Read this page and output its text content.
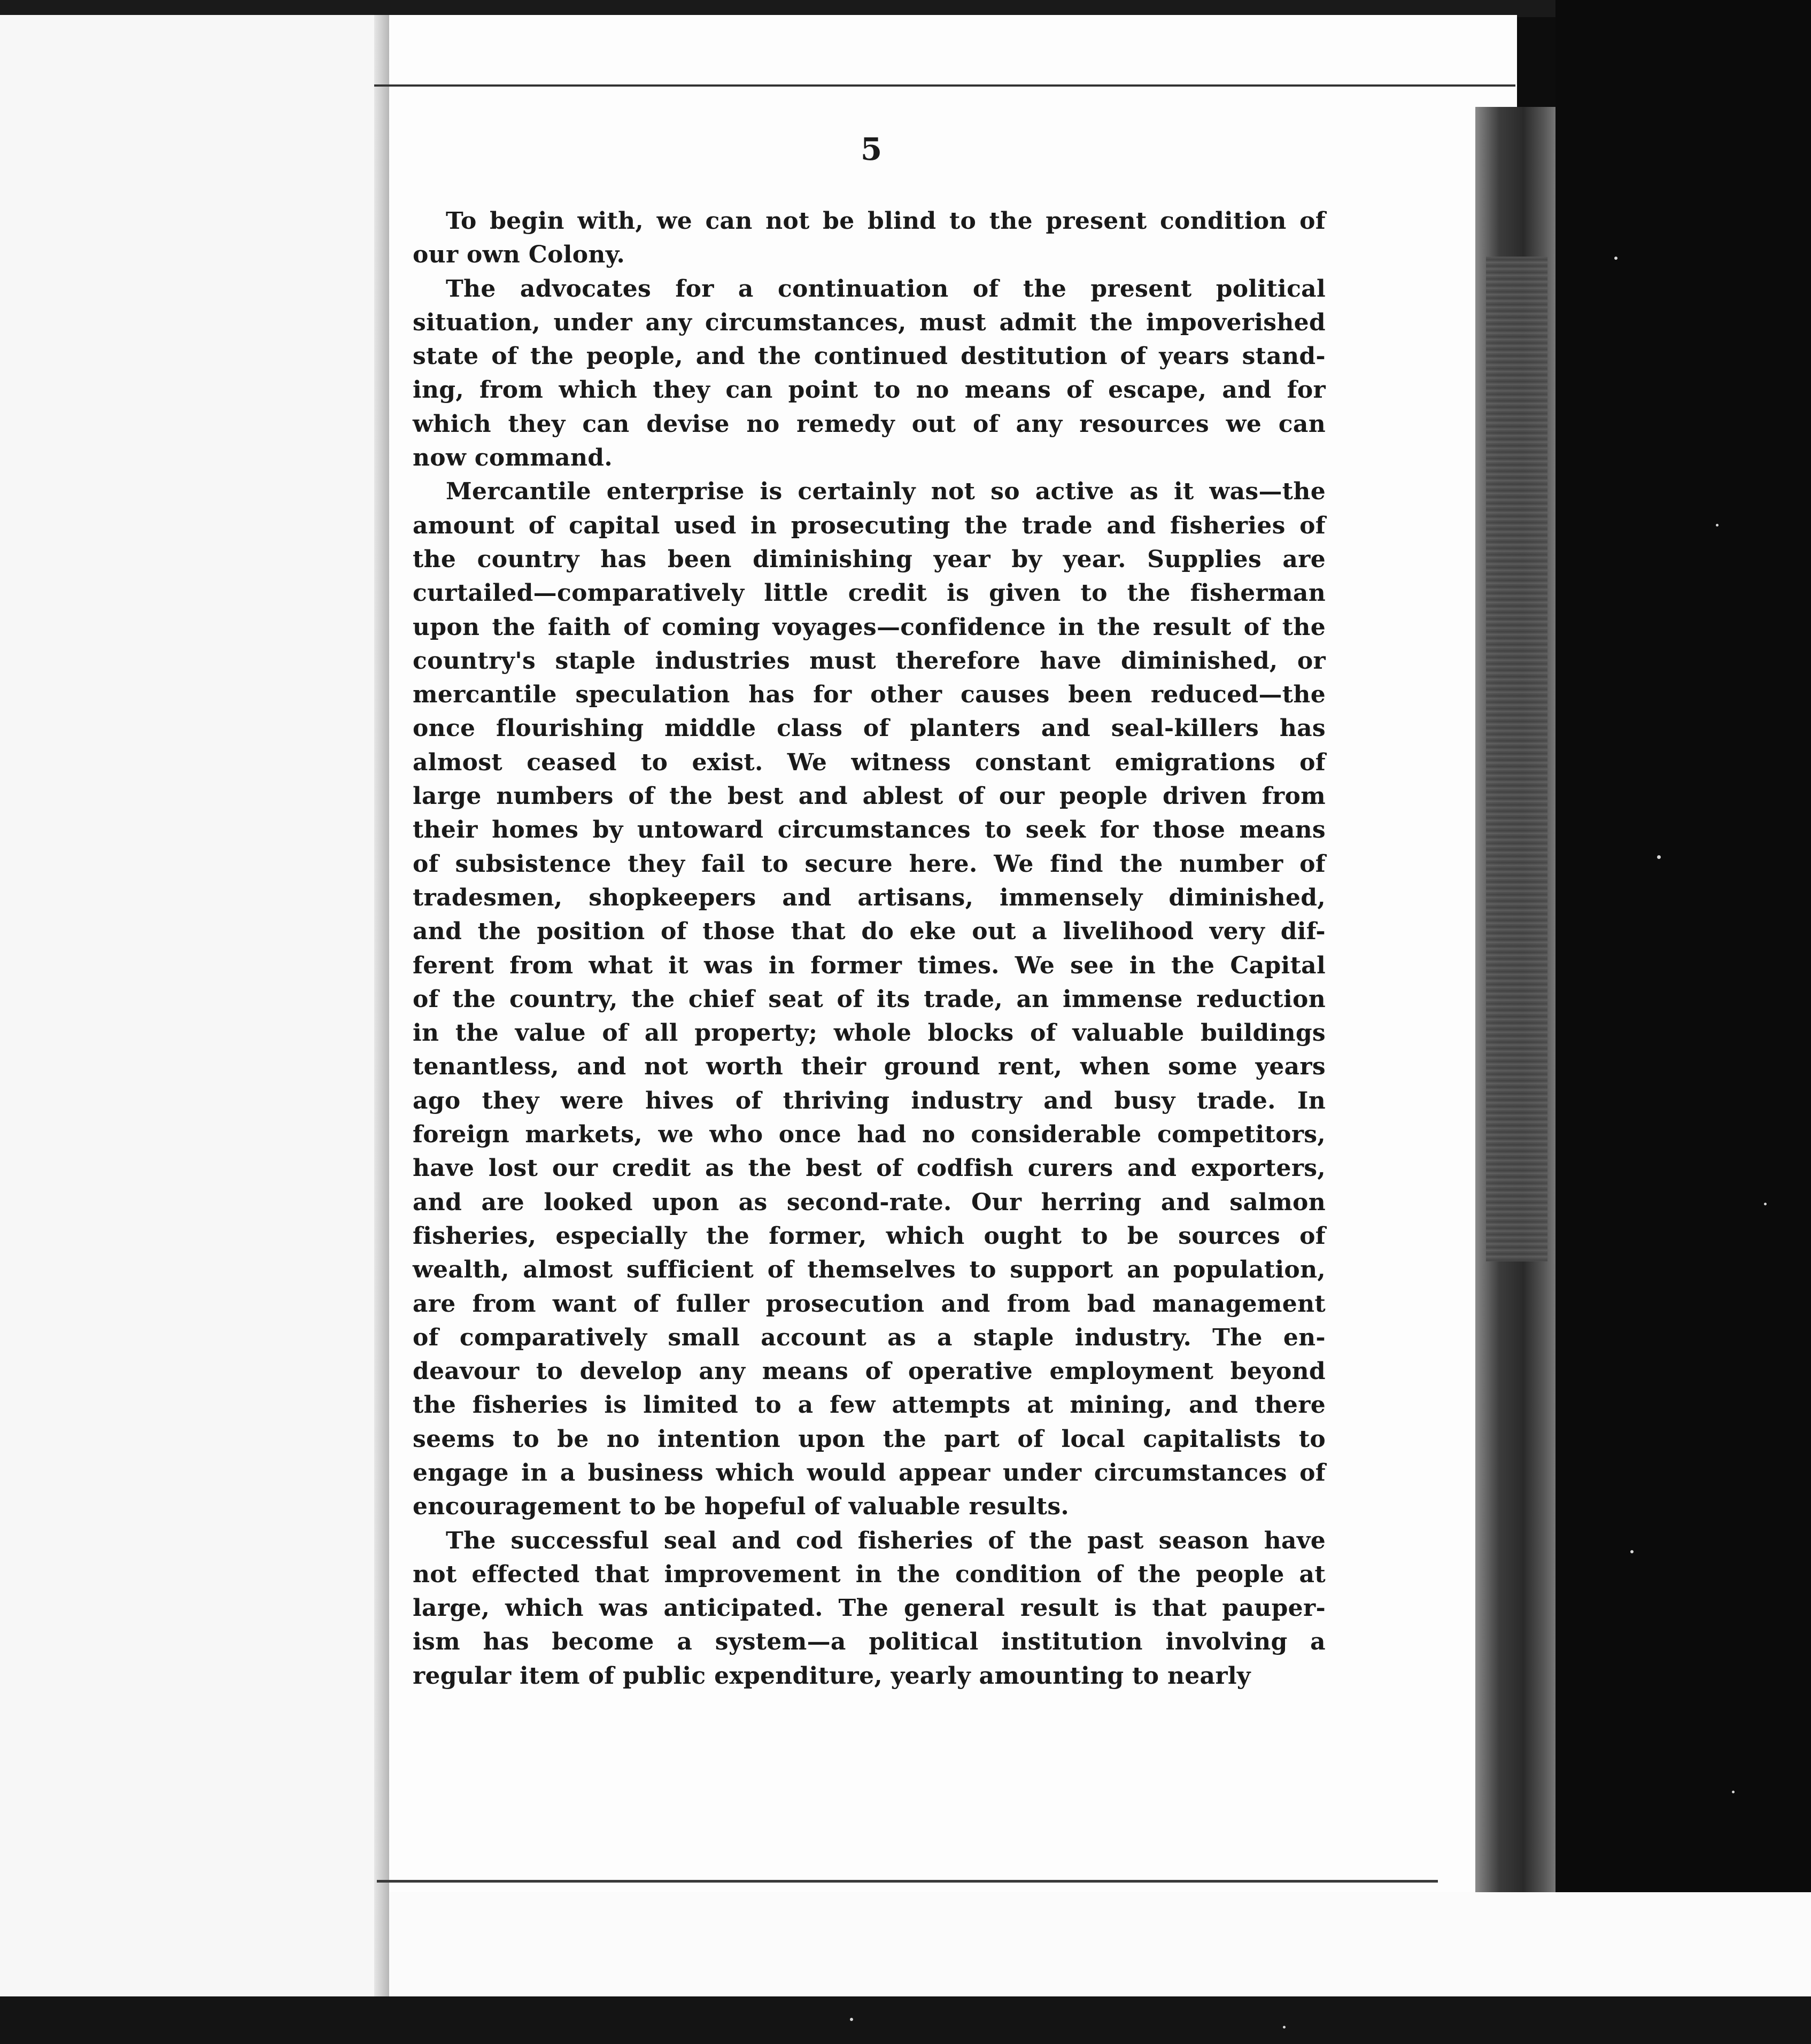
5
To begin with, we can not be blind to the present condition of
our own Colony.
The advocates for a continuation of the present political
situation, under any circumstances, must admit the impoverished
state of the people, and the continued destitution of years stand-
ing, from which they can point to no means of escape, and for
which they can devise no remedy out of any resources we can
now command.
Mercantile enterprise is certainly not so active as it was—the
amount of capital used in prosecuting the trade and fisheries of
the country has been diminishing year by year. Supplies are
curtailed—comparatively little credit is given to the fisherman
upon the faith of coming voyages—confidence in the result of the
country's staple industries must therefore have diminished, or
mercantile speculation has for other causes been reduced—the
once flourishing middle class of planters and seal-killers has
almost ceased to exist. We witness constant emigrations of
large numbers of the best and ablest of our people driven from
their homes by untoward circumstances to seek for those means
of subsistence they fail to secure here. We find the number of
tradesmen, shopkeepers and artisans, immensely diminished,
and the position of those that do eke out a livelihood very dif-
ferent from what it was in former times. We see in the Capital
of the country, the chief seat of its trade, an immense reduction
in the value of all property; whole blocks of valuable buildings
tenantless, and not worth their ground rent, when some years
ago they were hives of thriving industry and busy trade. In
foreign markets, we who once had no considerable competitors,
have lost our credit as the best of codfish curers and exporters,
and are looked upon as second-rate. Our herring and salmon
fisheries, especially the former, which ought to be sources of
wealth, almost sufficient of themselves to support an population,
are from want of fuller prosecution and from bad management
of comparatively small account as a staple industry. The en-
deavour to develop any means of operative employment beyond
the fisheries is limited to a few attempts at mining, and there
seems to be no intention upon the part of local capitalists to
engage in a business which would appear under circumstances of
encouragement to be hopeful of valuable results.
The successful seal and cod fisheries of the past season have
not effected that improvement in the condition of the people at
large, which was anticipated. The general result is that pauper-
ism has become a system—a political institution involving a
regular item of public expenditure, yearly amounting to nearly
